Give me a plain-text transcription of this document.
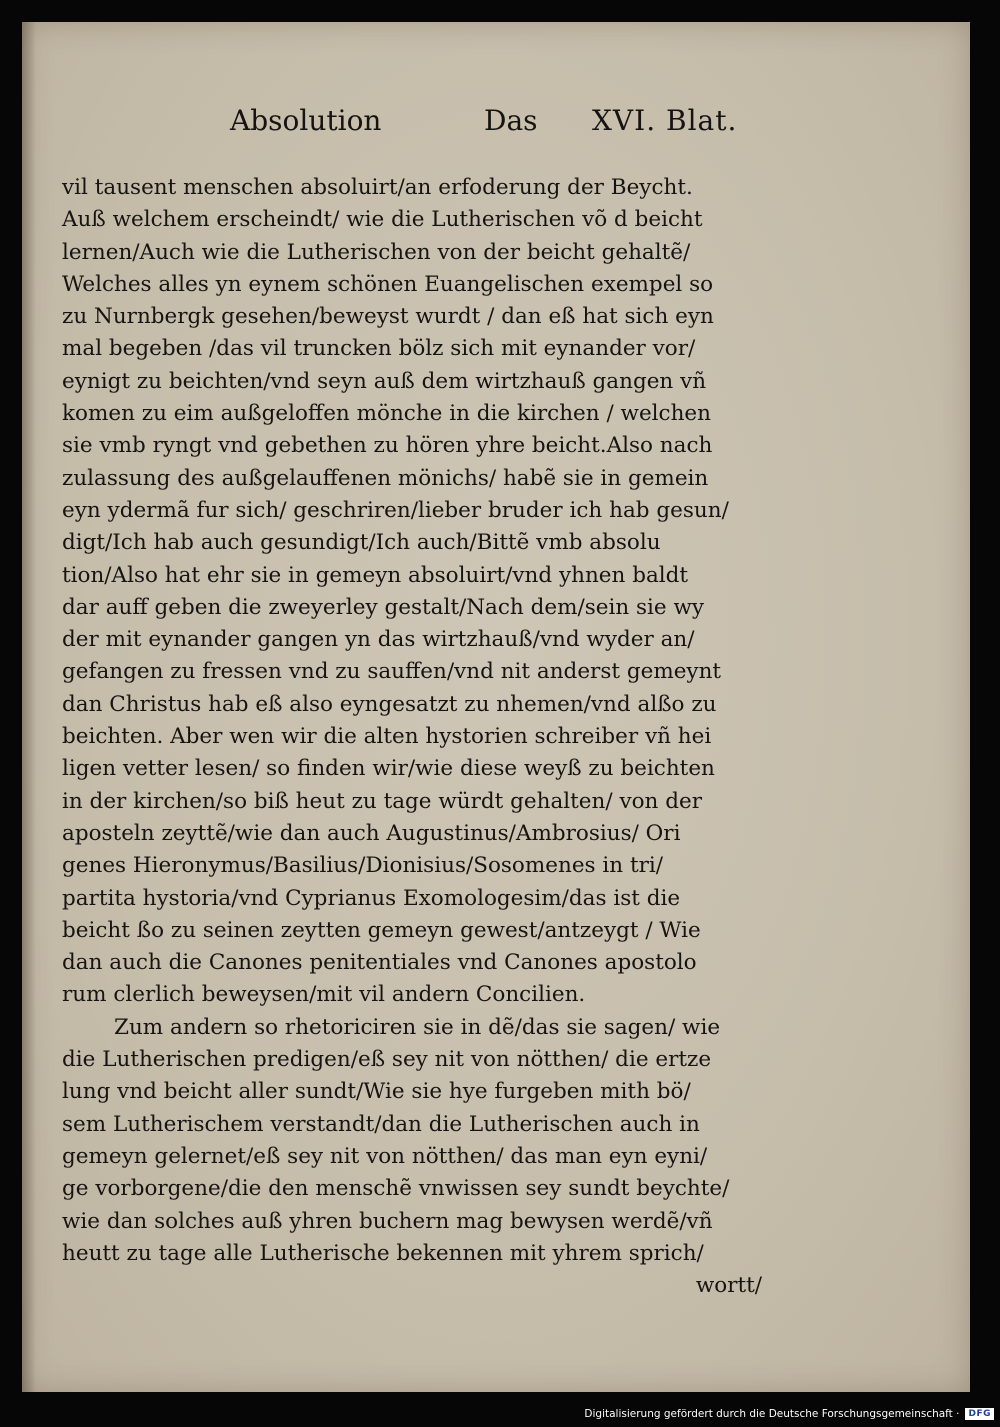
Absolution	Das XVI. Blat.
vil tausent menschen absoluirt/an erfoderung der Beycht.
Auß welchem erscheindt/ wie die Lutherischen võ d beicht
lernen/Auch wie die Lutherischen von der beicht gehaltẽ/
Welches alles yn eynem schönen Euangelischen exempel so
zu Nurnbergk gesehen/beweyst wurdt / dan eß hat sich eyn
mal begeben /das vil truncken bölz sich mit eynander vor/
eynigt zu beichten/vnd seyn auß dem wirtzhauß gangen vñ
komen zu eim außgeloffen mönche in die kirchen / welchen
sie vmb ryngt vnd gebethen zu hören yhre beicht.Also nach
zulassung des außgelauffenen mönichs/ habẽ sie in gemein
eyn ydermã fur sich/ geschriren/lieber bruder ich hab gesun/
digt/Ich hab auch gesundigt/Ich auch/Bittẽ vmb absolu
tion/Also hat ehr sie in gemeyn absoluirt/vnd yhnen baldt
dar auff geben die zweyerley gestalt/Nach dem/sein sie wy
der mit eynander gangen yn das wirtzhauß/vnd wyder an/
gefangen zu fressen vnd zu sauffen/vnd nit anderst gemeynt
dan Christus hab eß also eyngesatzt zu nhemen/vnd alßo zu
beichten. Aber wen wir die alten hystorien schreiber vñ hei
ligen vetter lesen/ so finden wir/wie diese weyß zu beichten
in der kirchen/so biß heut zu tage würdt gehalten/ von der
aposteln zeyttẽ/wie dan auch Augustinus/Ambrosius/ Ori
genes Hieronymus/Basilius/Dionisius/Sosomenes in tri/
partita hystoria/vnd Cyprianus Exomologesim/das ist die
beicht ßo zu seinen zeytten gemeyn gewest/antzeygt / Wie
dan auch die Canones penitentiales vnd Canones apostolo
rum clerlich beweysen/mit vil andern Concilien.
Zum andern so rhetoriciren sie in dẽ/das sie sagen/ wie
die Lutherischen predigen/eß sey nit von nötthen/ die ertze
lung vnd beicht aller sundt/Wie sie hye furgeben mith bö/
sem Lutherischem verstandt/dan die Lutherischen auch in
gemeyn gelernet/eß sey nit von nötthen/ das man eyn eyni/
ge vorborgene/die den menschẽ vnwissen sey sundt beychte/
wie dan solches auß yhren buchern mag bewysen werdẽ/vñ
heutt zu tage alle Lutherische bekennen mit yhrem sprich/
wortt/
Digitalisierung gefördert durch die Deutsche Forschungsgemeinschaft ·	DFG
